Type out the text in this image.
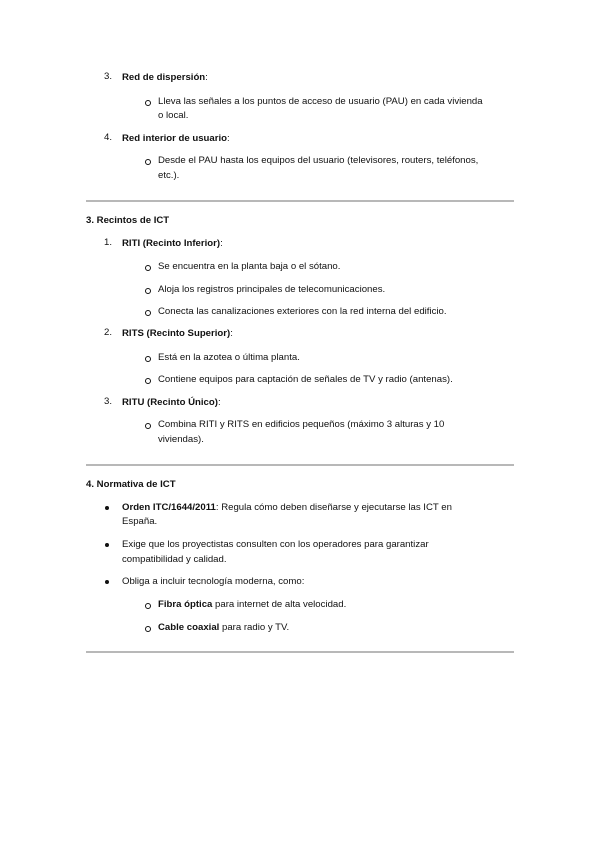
3. Red de dispersión:
Lleva las señales a los puntos de acceso de usuario (PAU) en cada vivienda
o local.
4. Red interior de usuario:
Desde el PAU hasta los equipos del usuario (televisores, routers, teléfonos,
etc.).
3. Recintos de ICT
1. RITI (Recinto Inferior):
Se encuentra en la planta baja o el sótano.
Aloja los registros principales de telecomunicaciones.
Conecta las canalizaciones exteriores con la red interna del edificio.
2. RITS (Recinto Superior):
Está en la azotea o última planta.
Contiene equipos para captación de señales de TV y radio (antenas).
3. RITU (Recinto Único):
Combina RITI y RITS en edificios pequeños (máximo 3 alturas y 10
viviendas).
4. Normativa de ICT
Orden ITC/1644/2011: Regula cómo deben diseñarse y ejecutarse las ICT en
España.
Exige que los proyectistas consulten con los operadores para garantizar
compatibilidad y calidad.
Obliga a incluir tecnología moderna, como:
Fibra óptica para internet de alta velocidad.
Cable coaxial para radio y TV.
